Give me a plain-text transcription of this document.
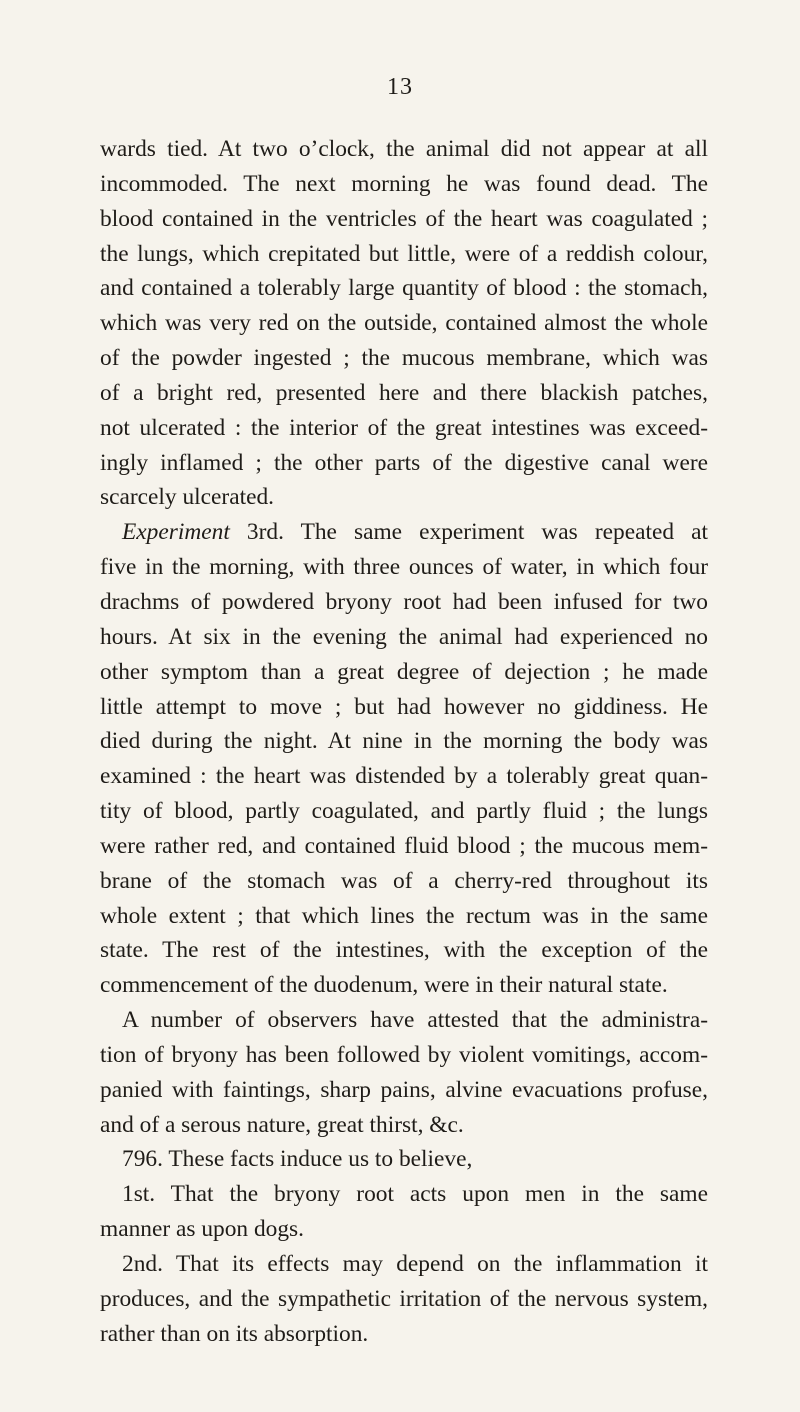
13
wards tied. At two o’clock, the animal did not appear at all
incommoded. The next morning he was found dead. The
blood contained in the ventricles of the heart was coagulated ;
the lungs, which crepitated but little, were of a reddish colour,
and contained a tolerably large quantity of blood : the stomach,
which was very red on the outside, contained almost the whole
of the powder ingested ; the mucous membrane, which was
of a bright red, presented here and there blackish patches,
not ulcerated : the interior of the great intestines was exceed-
ingly inflamed ; the other parts of the digestive canal were
scarcely ulcerated.
Experiment 3rd. The same experiment was repeated at
five in the morning, with three ounces of water, in which four
drachms of powdered bryony root had been infused for two
hours. At six in the evening the animal had experienced no
other symptom than a great degree of dejection ; he made
little attempt to move ; but had however no giddiness. He
died during the night. At nine in the morning the body was
examined : the heart was distended by a tolerably great quan-
tity of blood, partly coagulated, and partly fluid ; the lungs
were rather red, and contained fluid blood ; the mucous mem-
brane of the stomach was of a cherry-red throughout its
whole extent ; that which lines the rectum was in the same
state. The rest of the intestines, with the exception of the
commencement of the duodenum, were in their natural state.
A number of observers have attested that the administra-
tion of bryony has been followed by violent vomitings, accom-
panied with faintings, sharp pains, alvine evacuations profuse,
and of a serous nature, great thirst, &c.
796. These facts induce us to believe,
1st. That the bryony root acts upon men in the same
manner as upon dogs.
2nd. That its effects may depend on the inflammation it
produces, and the sympathetic irritation of the nervous system,
rather than on its absorption.
